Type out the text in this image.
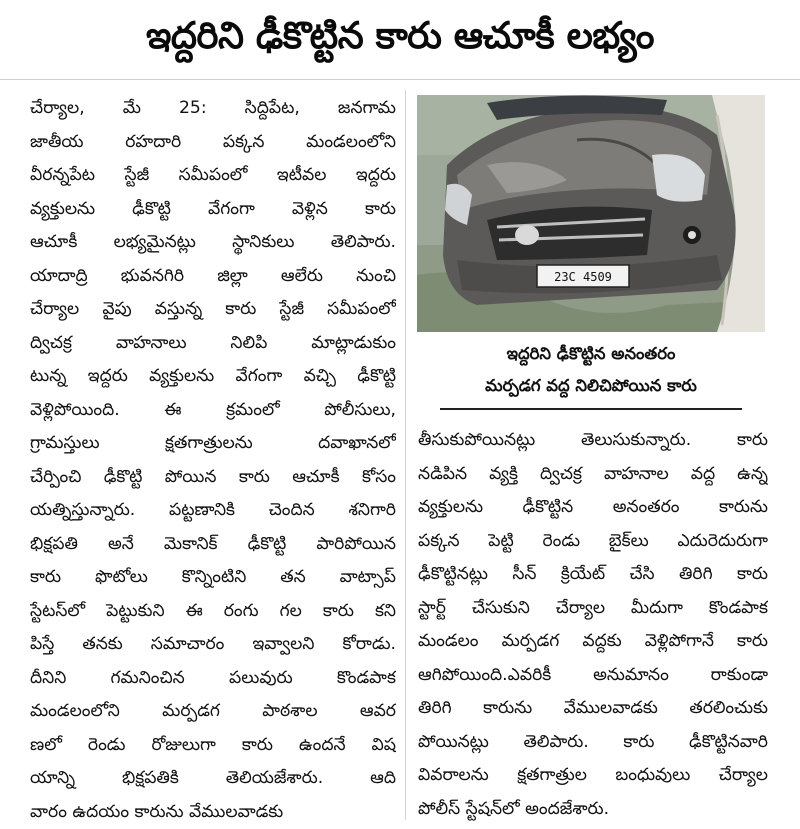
ఇద్దరిని ఢీకొట్టిన కారు ఆచూకీ లభ్యం
చేర్యాల, మే 25: సిద్దిపేట, జనగామ
జాతీయ రహదారి పక్కన మండలంలోని
వీరన్నపేట స్టేజీ సమీపంలో ఇటీవల ఇద్దరు
వ్యక్తులను ఢీకొట్టి వేగంగా వెళ్లిన కారు
ఆచూకీ లభ్యమైనట్లు స్థానికులు తెలిపారు.
యాదాద్రి భువనగిరి జిల్లా ఆలేరు నుంచి
చేర్యాల వైపు వస్తున్న కారు స్టేజీ సమీపంలో
ద్విచక్ర వాహనాలు నిలిపి మాట్లాడుకుం
టున్న ఇద్దరు వ్యక్తులను వేగంగా వచ్చి ఢీకొట్టి
వెళ్లిపోయింది. ఈ క్రమంలో పోలీసులు,
గ్రామస్తులు క్షతగాత్రులను దవాఖానలో
చేర్పించి ఢీకొట్టి పోయిన కారు ఆచూకీ కోసం
యత్నిస్తున్నారు. పట్టణానికి చెందిన శనిగారి
భిక్షపతి అనే మెకానిక్ ఢీకొట్టి పారిపోయిన
కారు ఫొటోలు కొన్నింటిని తన వాట్సాప్
స్టేటస్‌లో పెట్టుకుని ఈ రంగు గల కారు కని
పిస్తే తనకు సమాచారం ఇవ్వాలని కోరాడు.
దీనిని గమనించిన పలువురు కొండపాక
మండలంలోని మర్పడగ పాఠశాల ఆవర
ణలో రెండు రోజులుగా కారు ఉందనే విష
యాన్ని భిక్షపతికి తెలియజేశారు. ఆది
వారం ఉదయం కారును వేములవాడకు
23C 4509
ఇద్దరిని ఢీకొట్టిన అనంతరం
మర్పడగ వద్ద నిలిచిపోయిన కారు
తీసుకుపోయినట్లు తెలుసుకున్నారు. కారు
నడిపిన వ్యక్తి ద్విచక్ర వాహనాల వద్ద ఉన్న
వ్యక్తులను ఢీకొట్టిన అనంతరం కారును
పక్కన పెట్టి రెండు బైక్‌లు ఎదురెదురుగా
ఢీకొట్టినట్లు సీన్ క్రియేట్ చేసి తిరిగి కారు
స్టార్ట్ చేసుకుని చేర్యాల మీదుగా కొండపాక
మండలం మర్పడగ వద్దకు వెళ్లిపోగానే కారు
ఆగిపోయింది.ఎవరికీ అనుమానం రాకుండా
తిరిగి కారును వేములవాడకు తరలించుకు
పోయినట్లు తెలిపారు. కారు ఢీకొట్టినవారి
వివరాలను క్షతగాత్రుల బంధువులు చేర్యాల
పోలీస్ స్టేషన్‌లో అందజేశారు.
